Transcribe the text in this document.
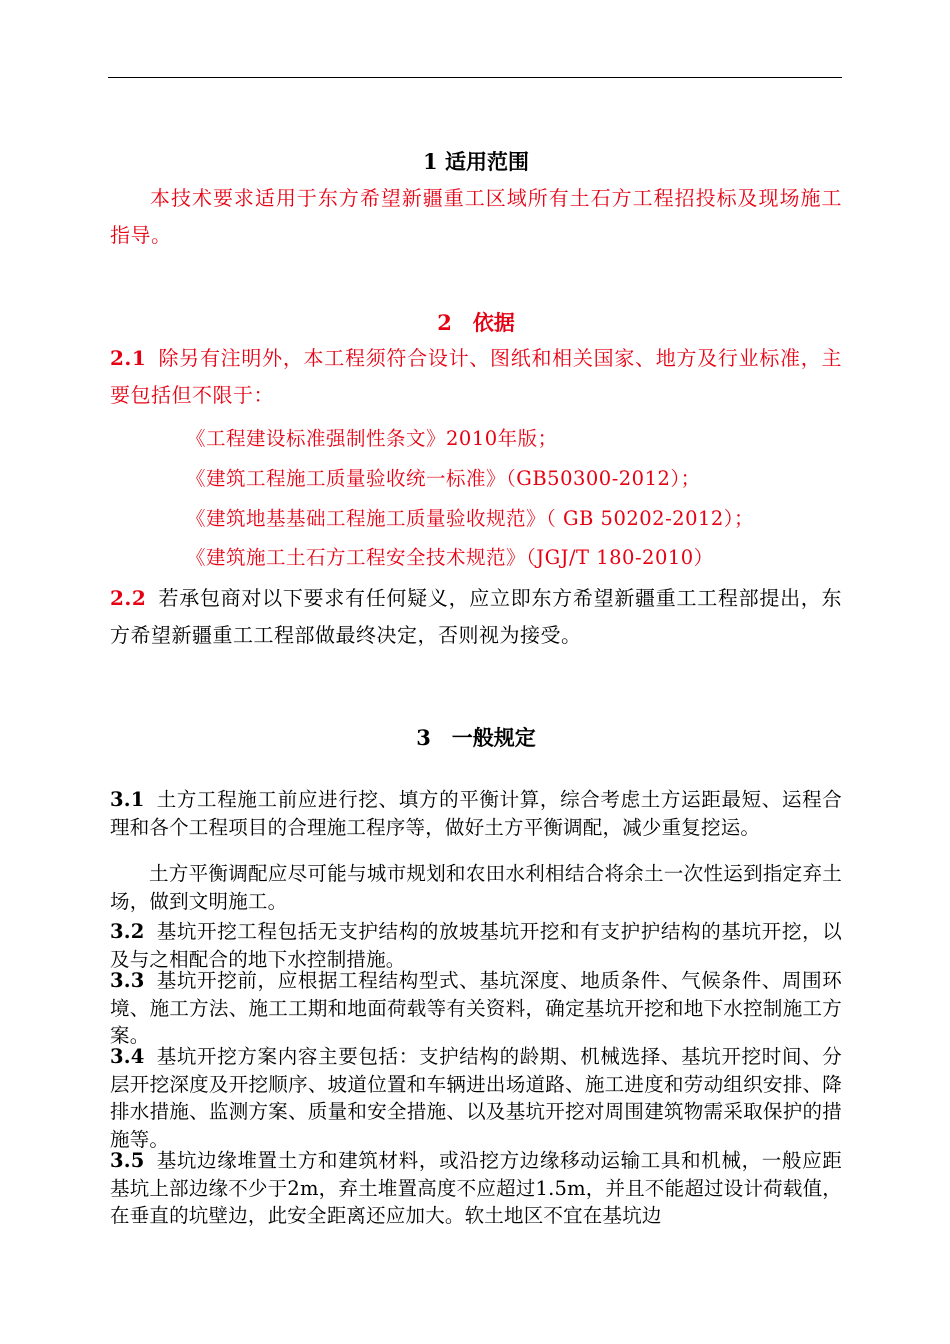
1 适用范围
本技术要求适用于东方希望新疆重工区域所有土石方工程招投标及现场施工指导。
2　依据
2.1 除另有注明外，本工程须符合设计、图纸和相关国家、地方及行业标准，主要包括但不限于：
《工程建设标准强制性条文》2010年版；
《建筑工程施工质量验收统一标准》（GB50300-2012）；
《建筑地基基础工程施工质量验收规范》（ GB 50202-2012）；
《建筑施工土石方工程安全技术规范》（JGJ/T 180-2010）
2.2 若承包商对以下要求有任何疑义，应立即东方希望新疆重工工程部提出，东方希望新疆重工工程部做最终决定，否则视为接受。
3　一般规定
3.1 土方工程施工前应进行挖、填方的平衡计算，综合考虑土方运距最短、运程合理和各个工程项目的合理施工程序等，做好土方平衡调配，减少重复挖运。
土方平衡调配应尽可能与城市规划和农田水利相结合将余土一次性运到指定弃土场，做到文明施工。
3.2 基坑开挖工程包括无支护结构的放坡基坑开挖和有支护护结构的基坑开挖，以及与之相配合的地下水控制措施。
3.3 基坑开挖前，应根据工程结构型式、基坑深度、地质条件、气候条件、周围环境、施工方法、施工工期和地面荷载等有关资料，确定基坑开挖和地下水控制施工方案。
3.4 基坑开挖方案内容主要包括：支护结构的龄期、机械选择、基坑开挖时间、分层开挖深度及开挖顺序、坡道位置和车辆进出场道路、施工进度和劳动组织安排、降排水措施、监测方案、质量和安全措施、以及基坑开挖对周围建筑物需采取保护的措施等。
3.5 基坑边缘堆置土方和建筑材料，或沿挖方边缘移动运输工具和机械，一般应距基坑上部边缘不少于2m，弃土堆置高度不应超过1.5m，并且不能超过设计荷载值，在垂直的坑壁边，此安全距离还应加大。软土地区不宜在基坑边
